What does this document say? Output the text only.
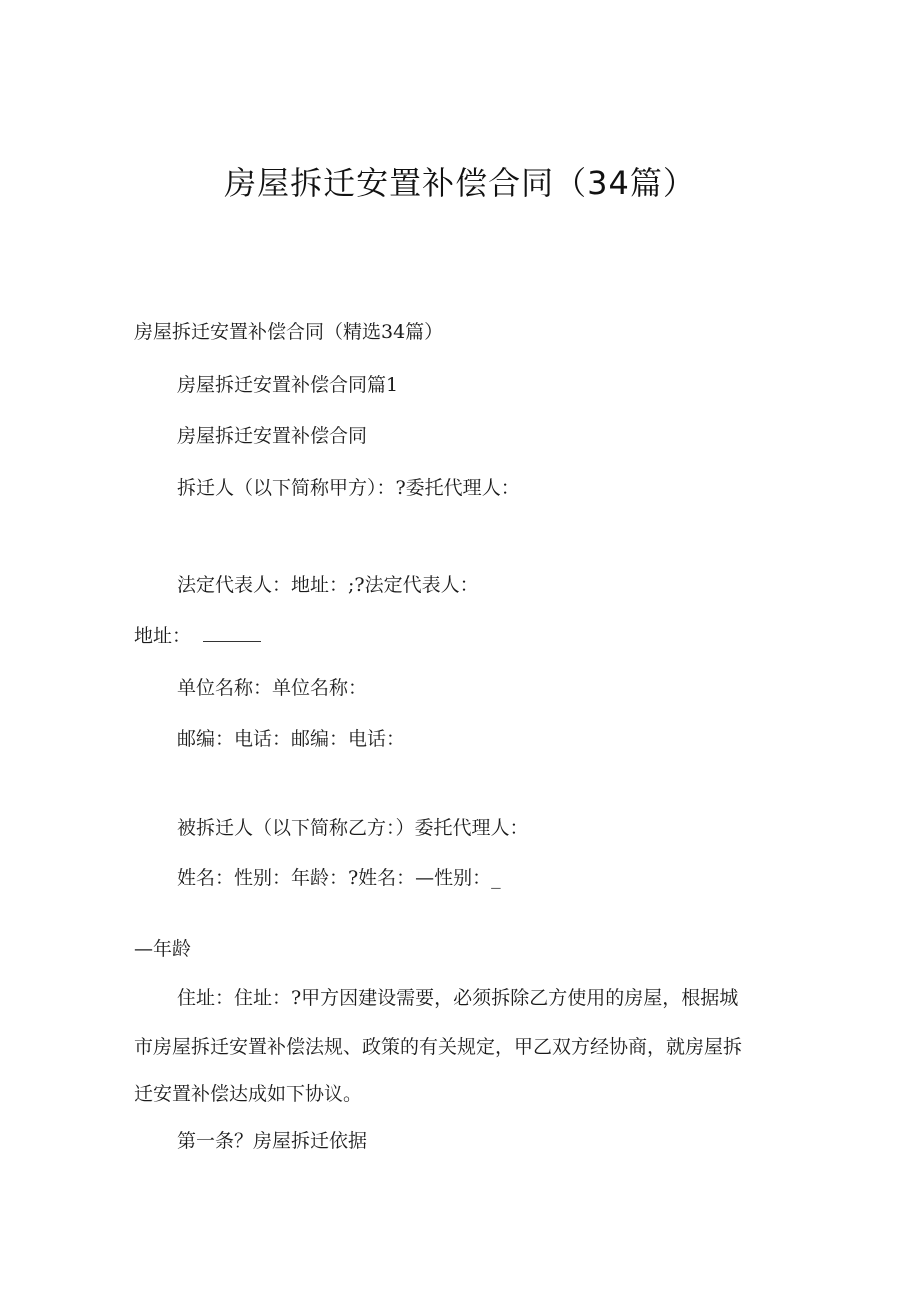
房屋拆迁安置补偿合同（34篇）

房屋拆迁安置补偿合同（精选34篇）

房屋拆迁安置补偿合同篇1

房屋拆迁安置补偿合同

拆迁人（以下简称甲方）：?委托代理人：

法定代表人：地址：;?法定代表人：

地址：

单位名称：单位名称：

邮编：电话：邮编：电话：

被拆迁人（以下简称乙方：）委托代理人：

姓名：性别：年龄：?姓名：—性别：_

—年龄

住址：住址：?甲方因建设需要，必须拆除乙方使用的房屋，根据城

市房屋拆迁安置补偿法规、政策的有关规定，甲乙双方经协商，就房屋拆

迁安置补偿达成如下协议。

第一条？房屋拆迁依据
